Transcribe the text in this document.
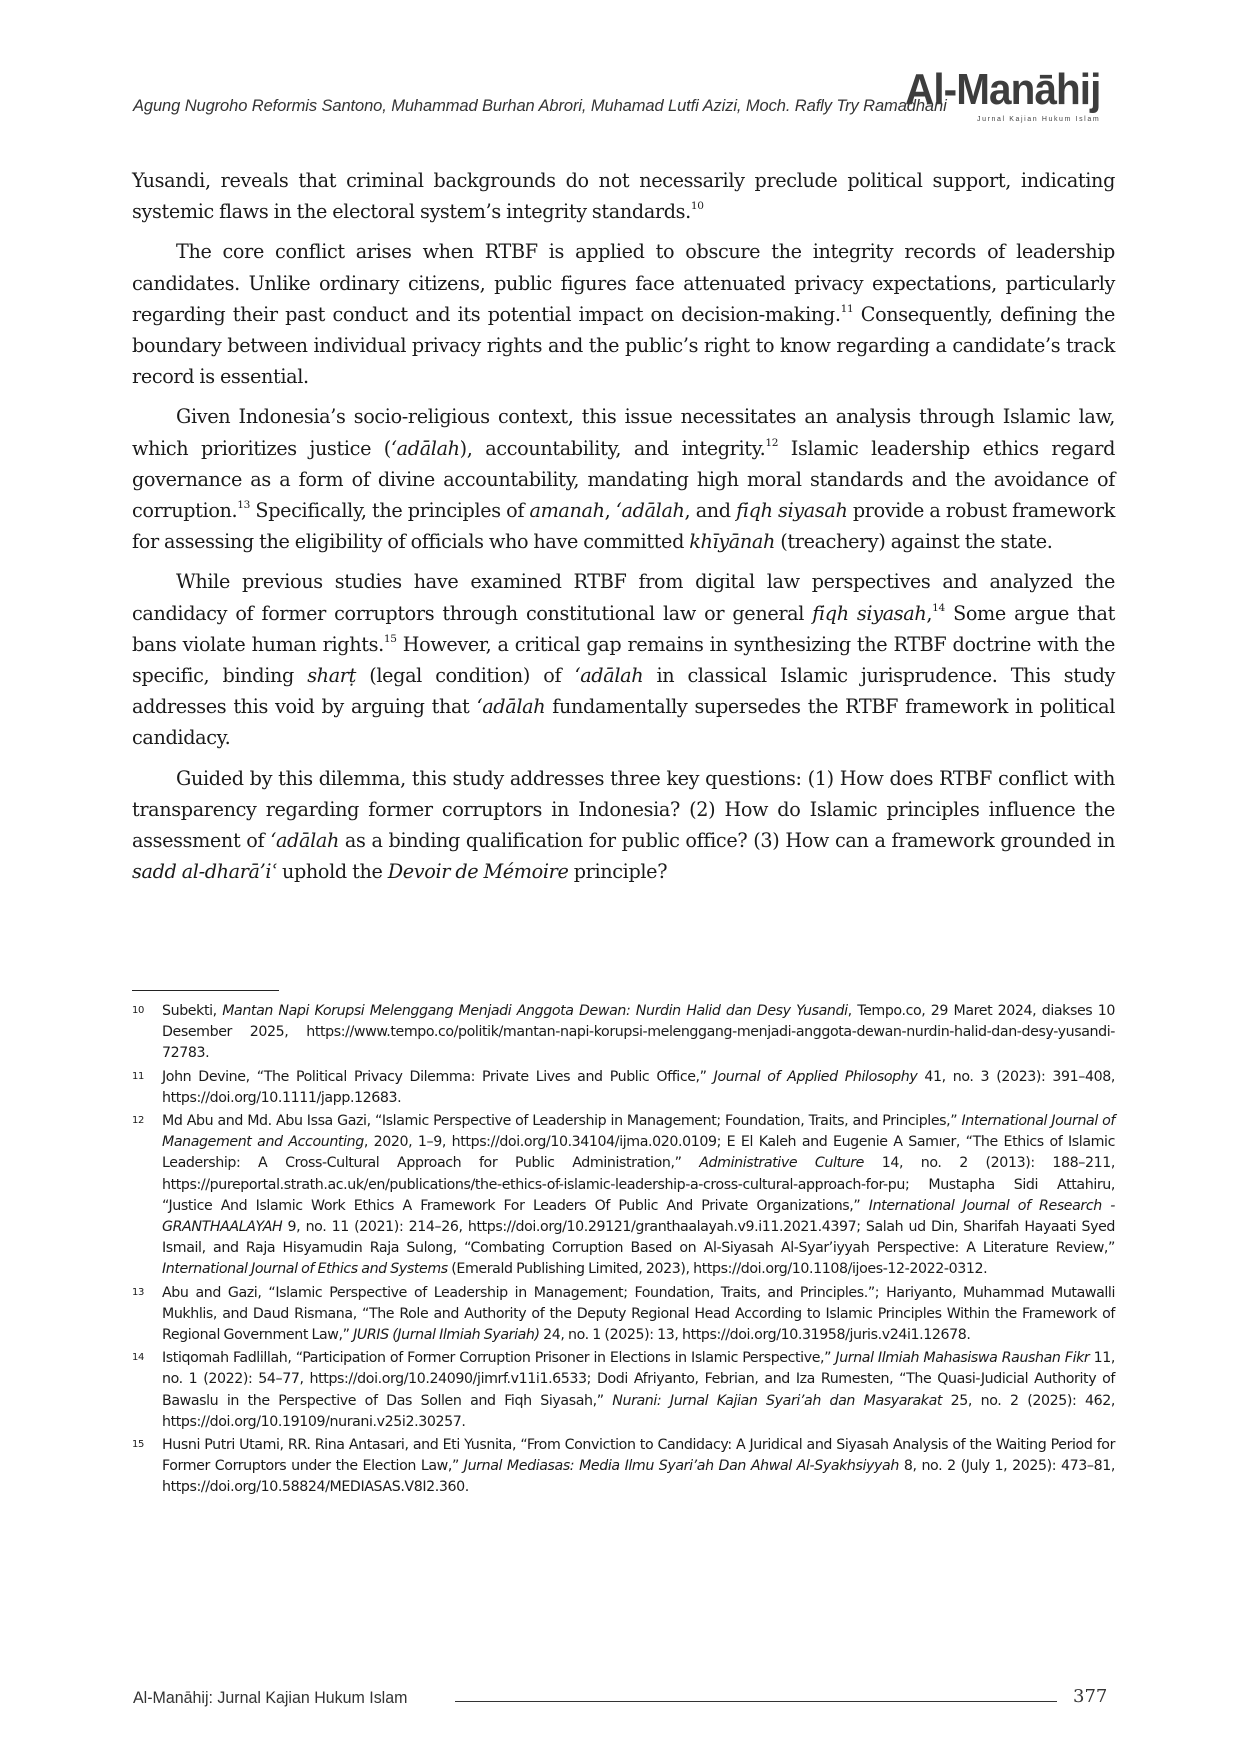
Agung Nugroho Reformis Santono, Muhammad Burhan Abrori, Muhamad Lutfi Azizi, Moch. Rafly Try Ramadhani
Al-Manāhij
Jurnal Kajian Hukum Islam

Yusandi, reveals that criminal backgrounds do not necessarily preclude political support, indicating systemic flaws in the electoral system’s integrity standards.$^{10}$

The core conflict arises when RTBF is applied to obscure the integrity records of leadership candidates. Unlike ordinary citizens, public figures face attenuated privacy expectations, particularly regarding their past conduct and its potential impact on decision-making.$^{11}$ Consequently, defining the boundary between individual privacy rights and the public’s right to know regarding a candidate’s track record is essential.

Given Indonesia’s socio-religious context, this issue necessitates an analysis through Islamic law, which prioritizes justice (‘adālah), accountability, and integrity.$^{12}$ Islamic leadership ethics regard governance as a form of divine accountability, mandating high moral standards and the avoidance of corruption.$^{13}$ Specifically, the principles of amanah, ‘adālah, and fiqh siyasah provide a robust framework for assessing the eligibility of officials who have committed khīyānah (treachery) against the state.

While previous studies have examined RTBF from digital law perspectives and analyzed the candidacy of former corruptors through constitutional law or general fiqh siyasah,$^{14}$ Some argue that bans violate human rights.$^{15}$ However, a critical gap remains in synthesizing the RTBF doctrine with the specific, binding sharṭ (legal condition) of ‘adālah in classical Islamic jurisprudence. This study addresses this void by arguing that ‘adālah fundamentally supersedes the RTBF framework in political candidacy.

Guided by this dilemma, this study addresses three key questions: (1) How does RTBF conflict with transparency regarding former corruptors in Indonesia? (2) How do Islamic principles influence the assessment of ‘adālah as a binding qualification for public office? (3) How can a framework grounded in sadd al-dharā’iʿ uphold the Devoir de Mémoire principle?

10 Subekti, Mantan Napi Korupsi Melenggang Menjadi Anggota Dewan: Nurdin Halid dan Desy Yusandi, Tempo.co, 29 Maret 2024, diakses 10 Desember 2025, https://www.tempo.co/politik/mantan-napi-korupsi-melenggang-menjadi-anggota-dewan-nurdin-halid-dan-desy-yusandi-72783.
11 John Devine, “The Political Privacy Dilemma: Private Lives and Public Office,” Journal of Applied Philosophy 41, no. 3 (2023): 391–408, https://doi.org/10.1111/japp.12683.
12 Md Abu and Md. Abu Issa Gazi, “Islamic Perspective of Leadership in Management; Foundation, Traits, and Principles,” International Journal of Management and Accounting, 2020, 1–9, https://doi.org/10.34104/ijma.020.0109; E El Kaleh and Eugenie A Samıer, “The Ethics of Islamic Leadership: A Cross-Cultural Approach for Public Administration,” Administrative Culture 14, no. 2 (2013): 188–211, https://pureportal.strath.ac.uk/en/publications/the-ethics-of-islamic-leadership-a-cross-cultural-approach-for-pu; Mustapha Sidi Attahiru, “Justice And Islamic Work Ethics A Framework For Leaders Of Public And Private Organizations,” International Journal of Research -GRANTHAALAYAH 9, no. 11 (2021): 214–26, https://doi.org/10.29121/granthaalayah.v9.i11.2021.4397; Salah ud Din, Sharifah Hayaati Syed Ismail, and Raja Hisyamudin Raja Sulong, “Combating Corruption Based on Al-Siyasah Al-Syar’iyyah Perspective: A Literature Review,” International Journal of Ethics and Systems (Emerald Publishing Limited, 2023), https://doi.org/10.1108/ijoes-12-2022-0312.
13 Abu and Gazi, “Islamic Perspective of Leadership in Management; Foundation, Traits, and Principles.”; Hariyanto, Muhammad Mutawalli Mukhlis, and Daud Rismana, “The Role and Authority of the Deputy Regional Head According to Islamic Principles Within the Framework of Regional Government Law,” JURIS (Jurnal Ilmiah Syariah) 24, no. 1 (2025): 13, https://doi.org/10.31958/juris.v24i1.12678.
14 Istiqomah Fadlillah, “Participation of Former Corruption Prisoner in Elections in Islamic Perspective,” Jurnal Ilmiah Mahasiswa Raushan Fikr 11, no. 1 (2022): 54–77, https://doi.org/10.24090/jimrf.v11i1.6533; Dodi Afriyanto, Febrian, and Iza Rumesten, “The Quasi-Judicial Authority of Bawaslu in the Perspective of Das Sollen and Fiqh Siyasah,” Nurani: Jurnal Kajian Syari’ah dan Masyarakat 25, no. 2 (2025): 462, https://doi.org/10.19109/nurani.v25i2.30257.
15 Husni Putri Utami, RR. Rina Antasari, and Eti Yusnita, “From Conviction to Candidacy: A Juridical and Siyasah Analysis of the Waiting Period for Former Corruptors under the Election Law,” Jurnal Mediasas: Media Ilmu Syari’ah Dan Ahwal Al-Syakhsiyyah 8, no. 2 (July 1, 2025): 473–81, https://doi.org/10.58824/MEDIASAS.V8I2.360.
Al-Manāhij: Jurnal Kajian Hukum Islam	377
